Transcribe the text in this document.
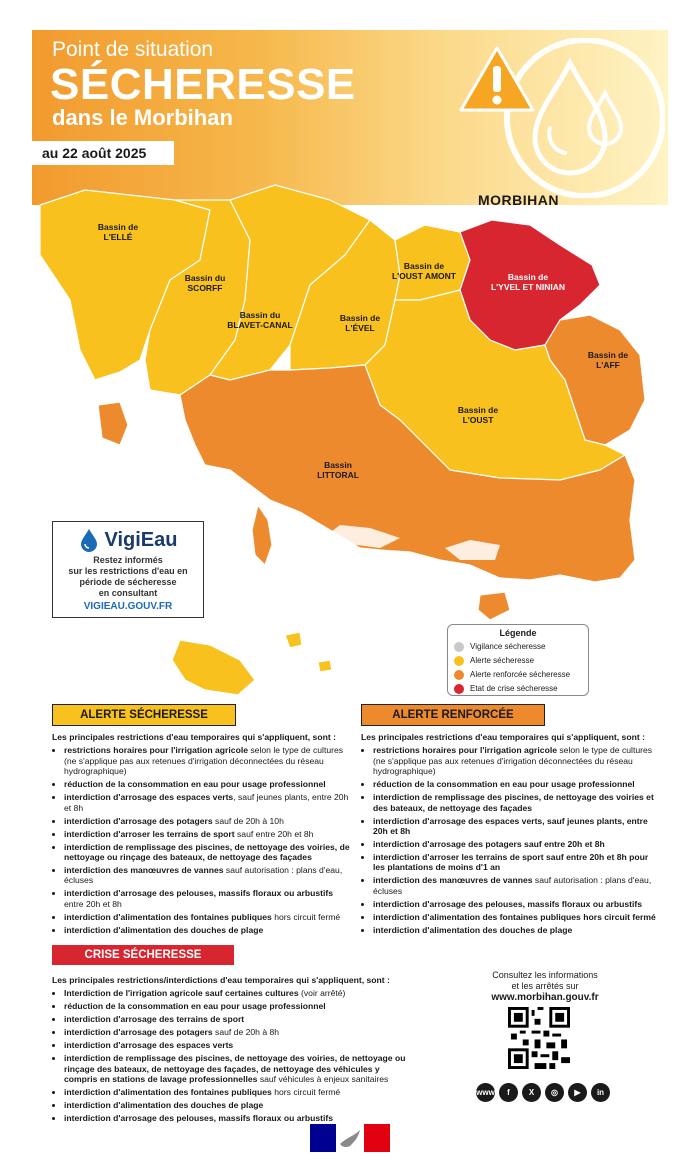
Point de situation
SÉCHERESSE
dans le Morbihan
au 22 août 2025
MORBIHAN
Bassin de
L'ELLÉ
Bassin du
SCORFF
Bassin du
BLAVET-CANAL
Bassin de
L'ÉVEL
Bassin de
L'OUST AMONT	Bassin de
L'YVEL ET NINIAN
Bassin de
L'AFF
Bassin de
L'OUST
Bassin
LITTORAL
VigiEau
Restez informés
sur les restrictions d'eau en
période de sécheresse
en consultant
VIGIEAU.GOUV.FR
Légende
Vigilance sécheresse
Alerte sécheresse
Alerte renforcée sécheresse
Etat de crise sécheresse
ALERTE SÉCHERESSE	ALERTE RENFORCÉE
Les principales restrictions d'eau temporaires qui s'appliquent, sont :
• restrictions horaires pour l'irrigation agricole selon le type de cultures (ne s'applique pas aux retenues d'irrigation déconnectées du réseau hydrographique)
• réduction de la consommation en eau pour usage professionnel
• interdiction d'arrosage des espaces verts, sauf jeunes plants, entre 20h et 8h
• interdiction d'arrosage des potagers sauf de 20h à 10h
• interdiction d'arroser les terrains de sport sauf entre 20h et 8h
• interdiction de remplissage des piscines, de nettoyage des voiries, de nettoyage ou rinçage des bateaux, de nettoyage des façades
• interdiction des manœuvres de vannes sauf autorisation : plans d'eau, écluses
• interdiction d'arrosage des pelouses, massifs floraux ou arbustifs entre 20h et 8h
• interdiction d'alimentation des fontaines publiques hors circuit fermé
• interdiction d'alimentation des douches de plage
Les principales restrictions d'eau temporaires qui s'appliquent, sont :
• restrictions horaires pour l'irrigation agricole selon le type de cultures (ne s'applique pas aux retenues d'irrigation déconnectées du réseau hydrographique)
• réduction de la consommation en eau pour usage professionnel
• interdiction de remplissage des piscines, de nettoyage des voiries et des bateaux, de nettoyage des façades
• interdiction d'arrosage des espaces verts, sauf jeunes plants, entre 20h et 8h
• interdiction d'arrosage des potagers sauf entre 20h et 8h
• interdiction d'arroser les terrains de sport sauf entre 20h et 8h pour les plantations de moins d'1 an
• interdiction des manœuvres de vannes sauf autorisation : plans d'eau, écluses
• interdiction d'arrosage des pelouses, massifs floraux ou arbustifs
• interdiction d'alimentation des fontaines publiques hors circuit fermé
• interdiction d'alimentation des douches de plage
CRISE SÉCHERESSE
Les principales restrictions/interdictions d'eau temporaires qui s'appliquent, sont :
• Interdiction de l'irrigation agricole sauf certaines cultures (voir arrêté)
• réduction de la consommation en eau pour usage professionnel
• interdiction d'arrosage des terrains de sport
• interdiction d'arrosage des potagers sauf de 20h à 8h
• interdiction d'arrosage des espaces verts
• interdiction de remplissage des piscines, de nettoyage des voiries, de nettoyage ou rinçage des bateaux, de nettoyage des façades, de nettoyage des véhicules y compris en stations de lavage professionnelles sauf véhicules à enjeux sanitaires
• interdiction d'alimentation des fontaines publiques hors circuit fermé
• interdiction d'alimentation des douches de plage
• interdiction d'arrosage des pelouses, massifs floraux ou arbustifs
Consultez les informations
et les arrêtés sur
www.morbihan.gouv.fr
www	f	X	◎	▶	in
